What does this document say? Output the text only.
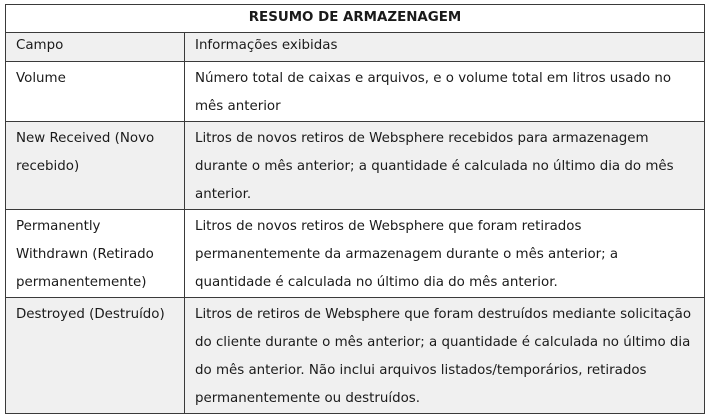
RESUMO DE ARMAZENAGEM	
Campo	Informações exibidas
Volume	Número total de caixas e arquivos, e o volume total em litros usado no mês anterior
New Received (Novo recebido)	Litros de novos retiros de Websphere recebidos para armazenagem durante o mês anterior; a quantidade é calculada no último dia do mês anterior.
Permanently Withdrawn (Retirado permanentemente)	Litros de novos retiros de Websphere que foram retirados permanentemente da armazenagem durante o mês anterior; a quantidade é calculada no último dia do mês anterior.
Destroyed (Destruído)	Litros de retiros de Websphere que foram destruídos mediante solicitação do cliente durante o mês anterior; a quantidade é calculada no último dia do mês anterior. Não inclui arquivos listados/temporários, retirados permanentemente ou destruídos.
